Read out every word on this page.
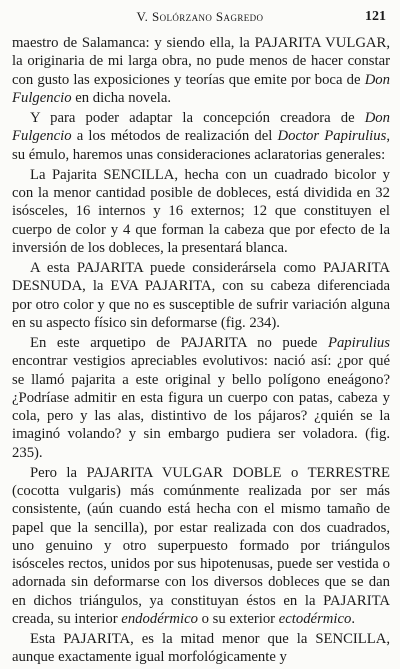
V. Solórzano Sagredo	121

maestro de Salamanca: y siendo ella, la PAJARITA VULGAR, la originaria de mi larga obra, no pude menos de hacer constar con gusto las exposiciones y teorías que emite por boca de Don Fulgencio en dicha novela.

Y para poder adaptar la concepción creadora de Don Fulgencio a los métodos de realización del Doctor Papirulius, su émulo, haremos unas consideraciones aclaratorias generales:

La Pajarita SENCILLA, hecha con un cuadrado bicolor y con la menor cantidad posible de dobleces, está dividida en 32 isósceles, 16 internos y 16 externos; 12 que constituyen el cuerpo de color y 4 que forman la cabeza que por efecto de la inversión de los dobleces, la presentará blanca.

A esta PAJARITA puede considerársela como PAJARITA DESNUDA, la EVA PAJARITA, con su cabeza diferenciada por otro color y que no es susceptible de sufrir variación alguna en su aspecto físico sin deformarse (fig. 234).

En este arquetipo de PAJARITA no puede Papirulius encontrar vestigios apreciables evolutivos: nació así: ¿por qué se llamó pajarita a este original y bello polígono eneágono? ¿Podríase admitir en esta figura un cuerpo con patas, cabeza y cola, pero y las alas, distintivo de los pájaros? ¿quién se la imaginó volando? y sin embargo pudiera ser voladora. (fig. 235).

Pero la PAJARITA VULGAR DOBLE o TERRESTRE (cocotta vulgaris) más comúnmente realizada por ser más consistente, (aún cuando está hecha con el mismo tamaño de papel que la sencilla), por estar realizada con dos cuadrados, uno genuino y otro superpuesto formado por triángulos isósceles rectos, unidos por sus hipotenusas, puede ser vestida o adornada sin deformarse con los diversos dobleces que se dan en dichos triángulos, ya constituyan éstos en la PAJARITA creada, su interior endodérmico o su exterior ectodérmico.

Esta PAJARITA, es la mitad menor que la SENCILLA, aunque exactamente igual morfológicamente y
